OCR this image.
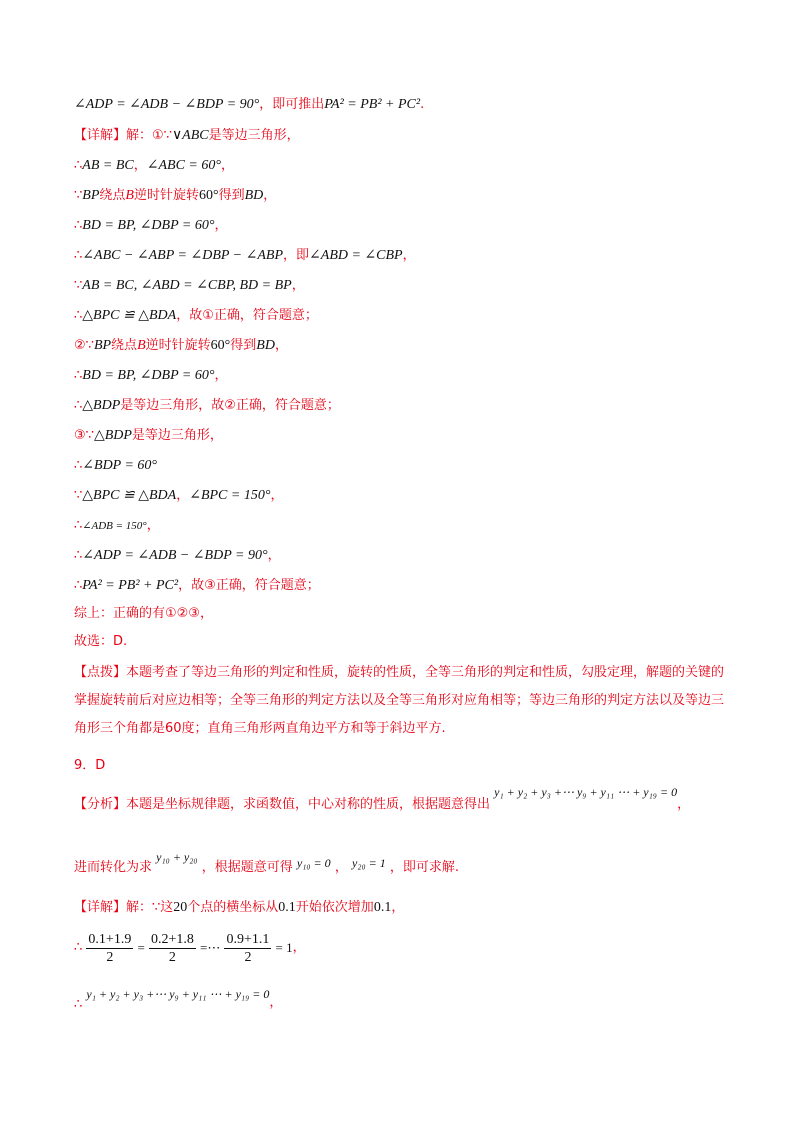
∠ADP = ∠ADB − ∠BDP = 90°，即可推出PA² = PB² + PC².
【详解】解：①∵∨ABC是等边三角形，
∴AB = BC，∠ABC = 60°，
∵BP绕点B逆时针旋转60°得到BD，
∴BD = BP, ∠DBP = 60°，
∴∠ABC − ∠ABP = ∠DBP − ∠ABP，即∠ABD = ∠CBP，
∵AB = BC, ∠ABD = ∠CBP, BD = BP，
∴△BPC ≌ △BDA，故①正确，符合题意；
②∵BP绕点B逆时针旋转60°得到BD，
∴BD = BP, ∠DBP = 60°，
∴△BDP是等边三角形，故②正确，符合题意；
③∵△BDP是等边三角形，
∴∠BDP = 60°
∵△BPC ≌ △BDA，∠BPC = 150°，
∴∠ADB = 150°，
∴∠ADP = ∠ADB − ∠BDP = 90°，
∴PA² = PB² + PC²，故③正确，符合题意；
综上：正确的有①②③，
故选：D.
【点拨】本题考查了等边三角形的判定和性质，旋转的性质，全等三角形的判定和性质，勾股定理，解题的关键的掌握旋转前后对应边相等；全等三角形的判定方法以及全等三角形对应角相等；等边三角形的判定方法以及等边三角形三个角都是60度；直角三角形两直角边平方和等于斜边平方.
9．D
【分析】本题是坐标规律题，求函数值，中心对称的性质，根据题意得出 y₁ + y₂ + y₃ +⋯ y₉ + y₁₁ ⋯ + y₁₉ = 0，
进而转化为求 y₁₀ + y₂₀ ，根据题意可得 y₁₀ = 0 ， y₂₀ = 1 ，即可求解.
【详解】解：∵这20个点的横坐标从0.1开始依次增加0.1，
∴ $\frac{0.1+1.9}{2} = \frac{0.2+1.8}{2}$ =⋯ $\frac{0.9+1.1}{2} = 1$，
∴ y₁ + y₂ + y₃ +⋯ y₉ + y₁₁ ⋯ + y₁₉ = 0，
